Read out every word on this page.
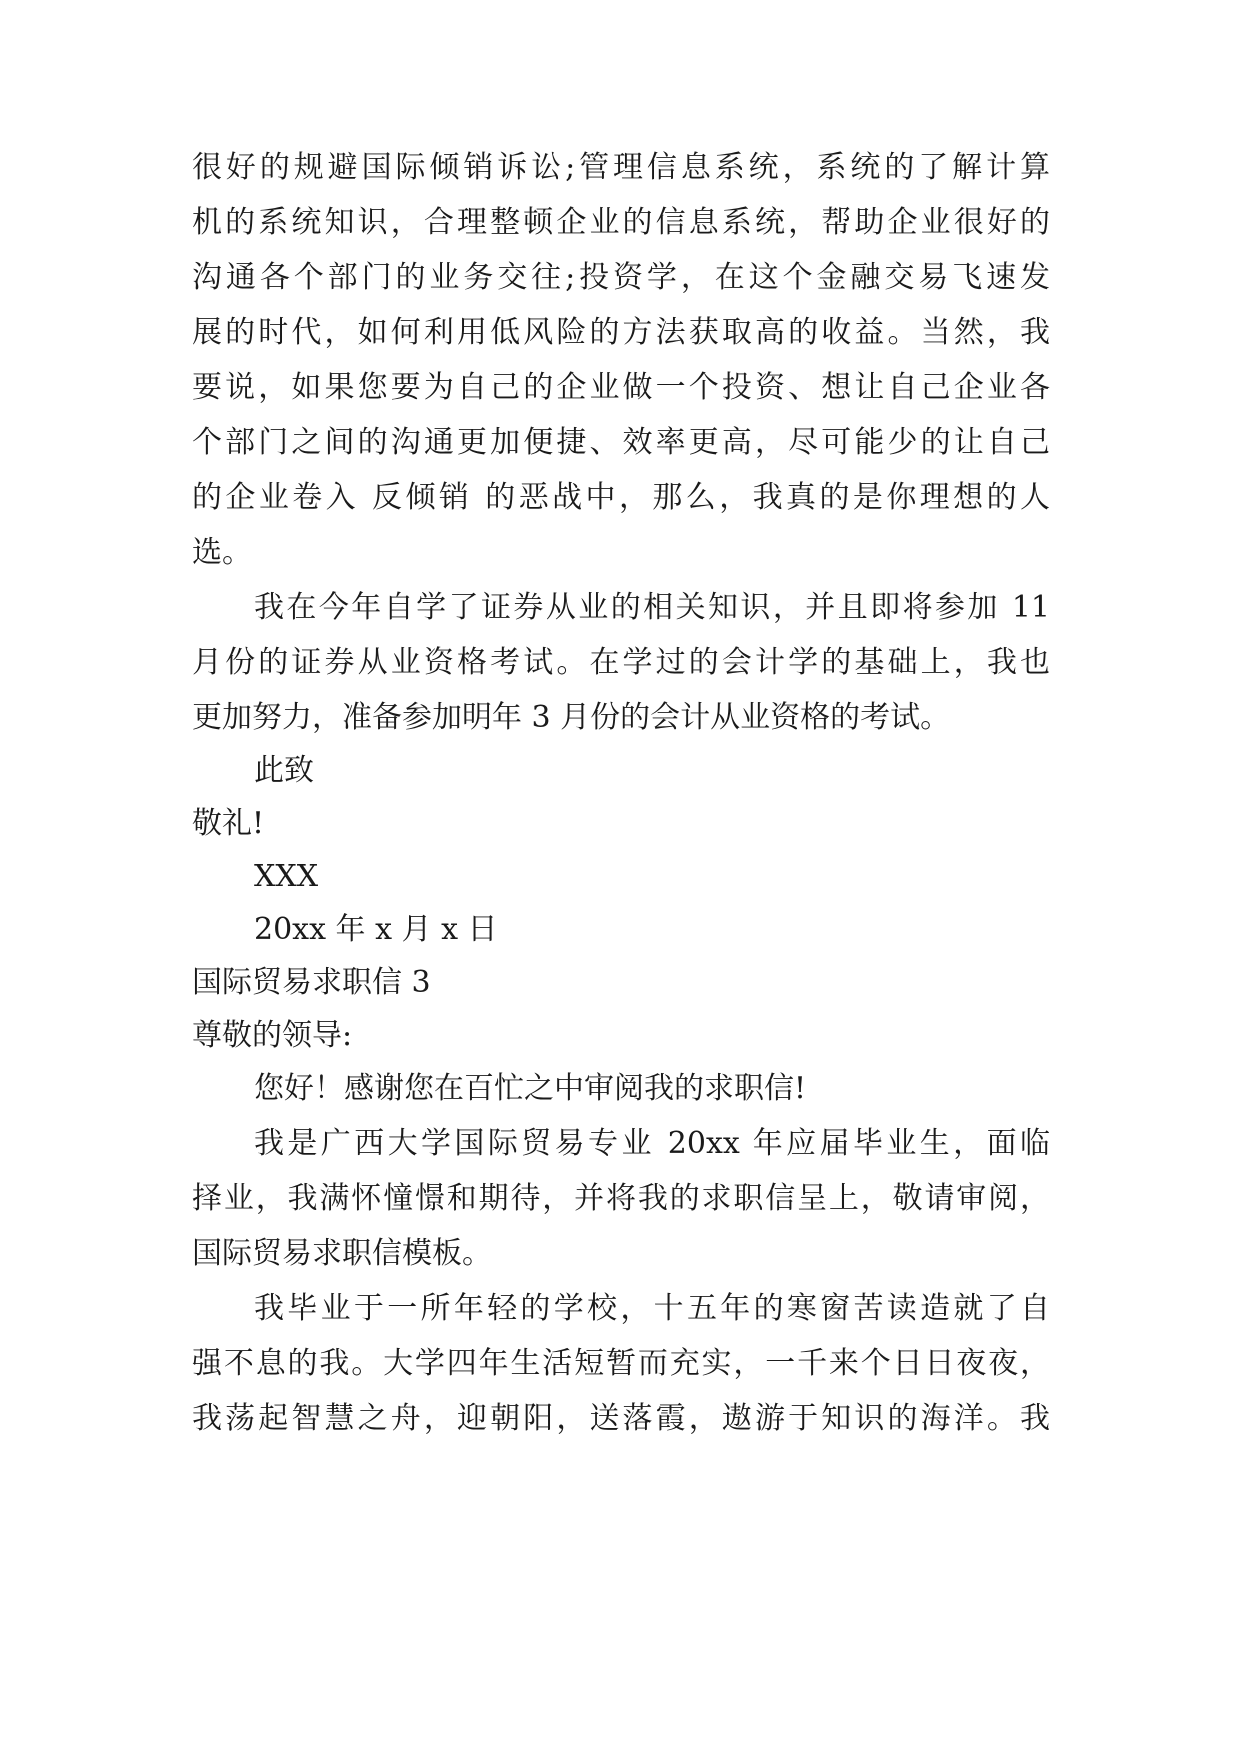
很好的规避国际倾销诉讼;管理信息系统，系统的了解计算
机的系统知识，合理整顿企业的信息系统，帮助企业很好的
沟通各个部门的业务交往;投资学，在这个金融交易飞速发
展的时代，如何利用低风险的方法获取高的收益。当然，我
要说，如果您要为自己的企业做一个投资、想让自己企业各
个部门之间的沟通更加便捷、效率更高，尽可能少的让自己
的企业卷入 反倾销 的恶战中，那么，我真的是你理想的人
选。
我在今年自学了证券从业的相关知识，并且即将参加 11
月份的证券从业资格考试。在学过的会计学的基础上，我也
更加努力，准备参加明年 3 月份的会计从业资格的考试。
此致
敬礼!
XXX
20xx 年 x 月 x 日
国际贸易求职信 3
尊敬的领导:
您好！感谢您在百忙之中审阅我的求职信!
我是广西大学国际贸易专业 20xx 年应届毕业生，面临
择业，我满怀憧憬和期待，并将我的求职信呈上，敬请审阅，
国际贸易求职信模板。
我毕业于一所年轻的学校，十五年的寒窗苦读造就了自
强不息的我。大学四年生活短暂而充实，一千来个日日夜夜，
我荡起智慧之舟，迎朝阳，送落霞，遨游于知识的海洋。我
